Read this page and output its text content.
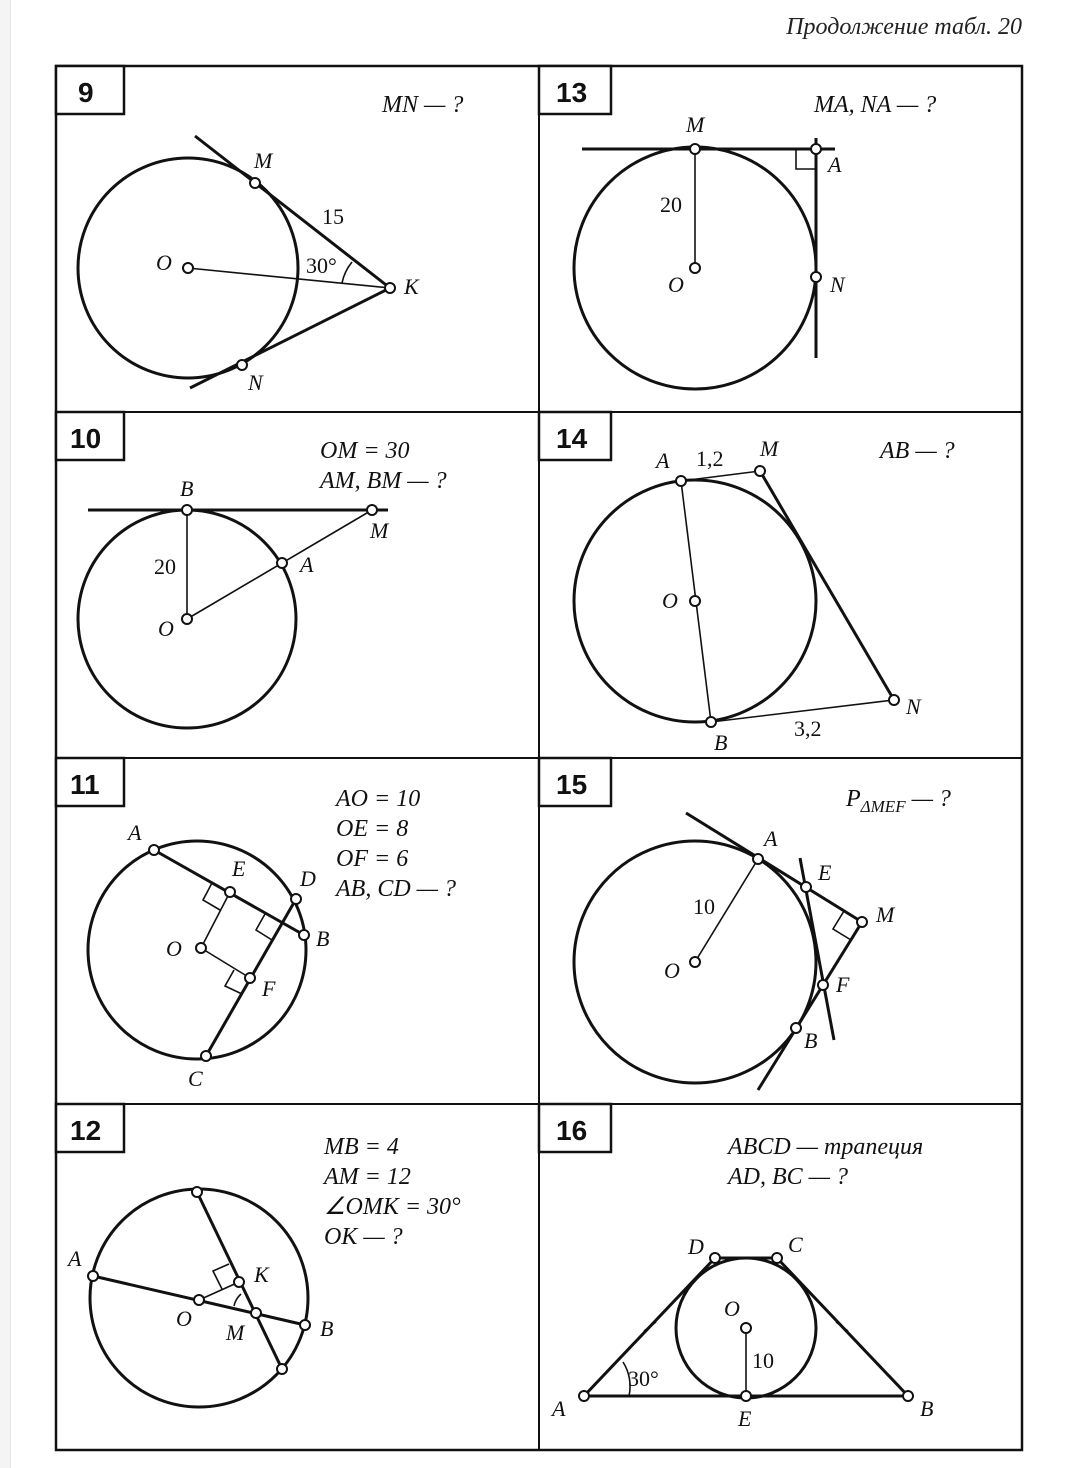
Продолжение табл. 20
9	MN — ?
M
N
O
K
15
30°
13	MA, NA — ?
M
A
N
O
20
10	OM = 30
AM, BM — ?
B
M
A
O
20
14	AB — ?
A	M
O
N
B
1,2
3,2
11	AO = 10
OE = 8
OF = 6
AB, CD — ?
A
E D
B
O
F
C
15	$P_{\Delta MEF}$ — ?
A
E
M
O
F
B
10
12
MB = 4
AM = 12
∠OMK = 30°
OK — ?
A
K
O
M	B
16
ABCD — трапеция
AD, BC — ?
D	C
O
A	E	B
10
30°
